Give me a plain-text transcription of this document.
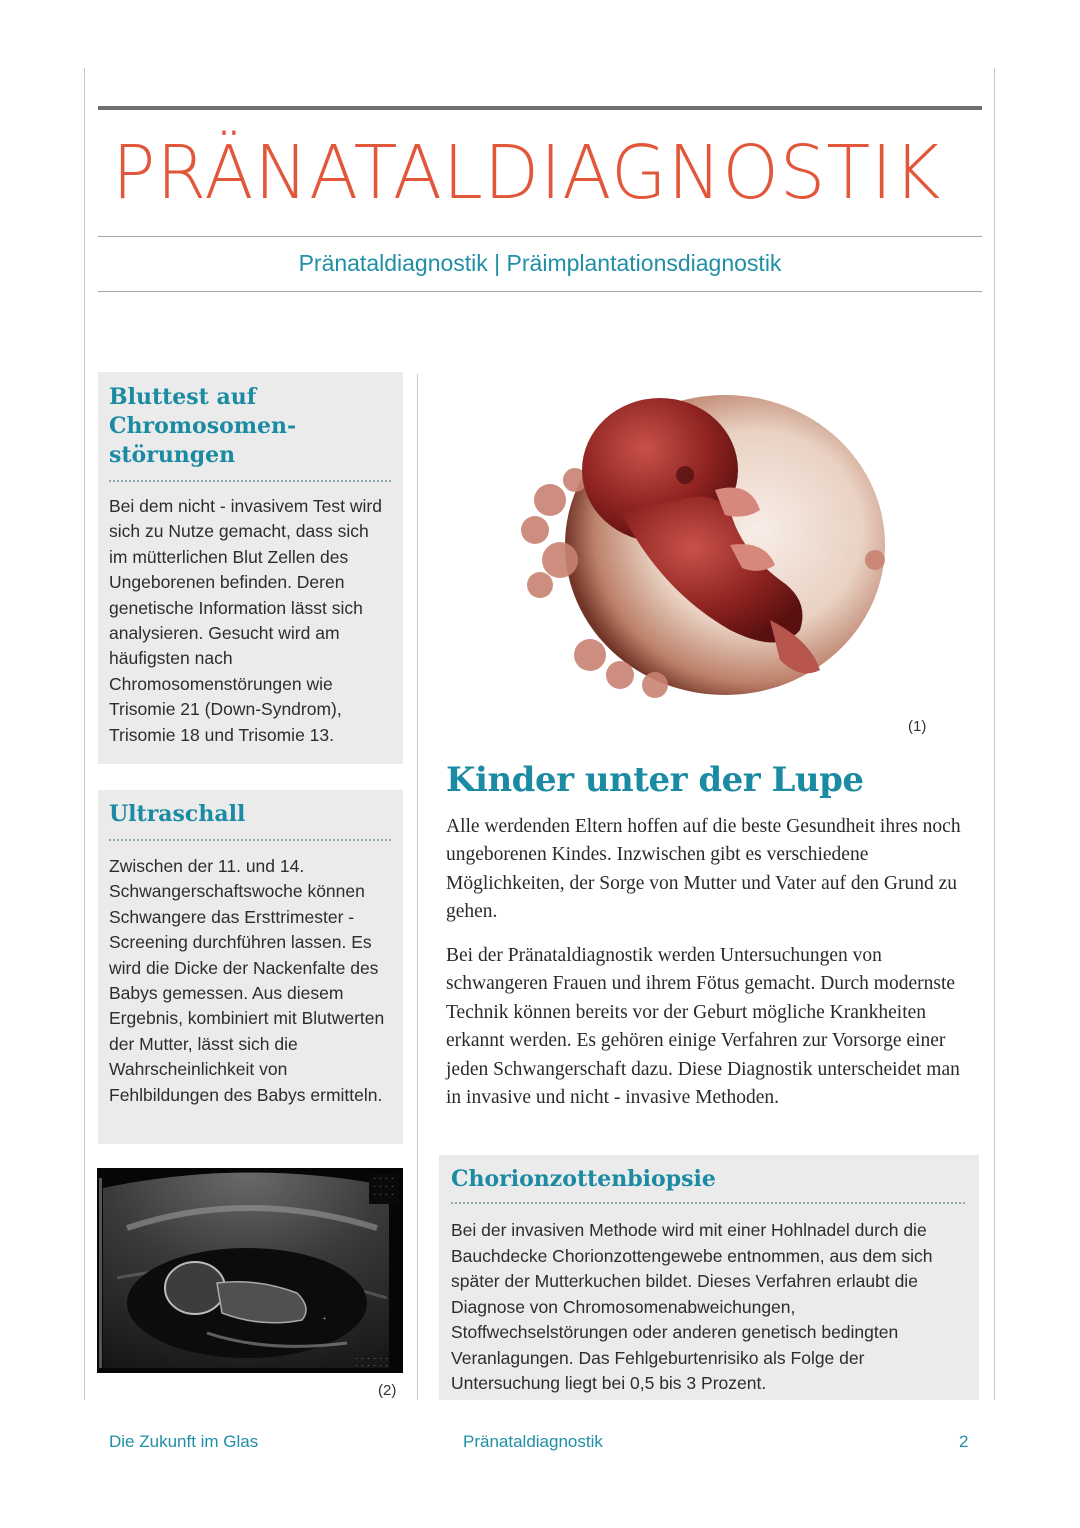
PRÄNATALDIAGNOSTIK
Pränataldiagnostik | Präimplantationsdiagnostik
Bluttest auf
Chromosomen-
störungen

Bei dem nicht - invasivem Test wird sich zu Nutze gemacht, dass sich im mütterlichen Blut Zellen des Ungeborenen befinden. Deren genetische Information lässt sich analysieren. Gesucht wird am häufigsten nach Chromosomenstörungen wie Trisomie 21 (Down-Syndrom), Trisomie 18 und Trisomie 13.

Ultraschall

Zwischen der 11. und 14. Schwangerschaftswoche können Schwangere das Ersttrimester - Screening durchführen lassen. Es wird die Dicke der Nackenfalte des Babys gemessen. Aus diesem Ergebnis, kombiniert mit Blutwerten der Mutter, lässt sich die Wahrscheinlichkeit von Fehlbildungen des Babys ermitteln.

- - - -
- - - -
- - - -
- - - - - -
- - - - - -
+
(2)
(1)
Kinder unter der Lupe

Alle werdenden Eltern hoffen auf die beste Gesundheit ihres noch ungeborenen Kindes. Inzwischen gibt es verschiedene Möglichkeiten, der Sorge von Mutter und Vater auf den Grund zu gehen.

Bei der Pränataldiagnostik werden Untersuchungen von schwangeren Frauen und ihrem Fötus gemacht. Durch modernste Technik können bereits vor der Geburt mögliche Krankheiten erkannt werden. Es gehören einige Verfahren zur Vorsorge einer jeden Schwangerschaft dazu. Diese Diagnostik unterscheidet man in invasive und nicht - invasive Methoden.

Chorionzottenbiopsie

Bei der invasiven Methode wird mit einer Hohlnadel durch die Bauchdecke Chorionzottengewebe entnommen, aus dem sich später der Mutterkuchen bildet. Dieses Verfahren erlaubt die Diagnose von Chromosomenabweichungen, Stoffwechselstörungen oder anderen genetisch bedingten Veranlagungen. Das Fehlgeburtenrisiko als Folge der Untersuchung liegt bei 0,5 bis 3 Prozent.

Die Zukunft im Glas	Pränataldiagnostik	2
